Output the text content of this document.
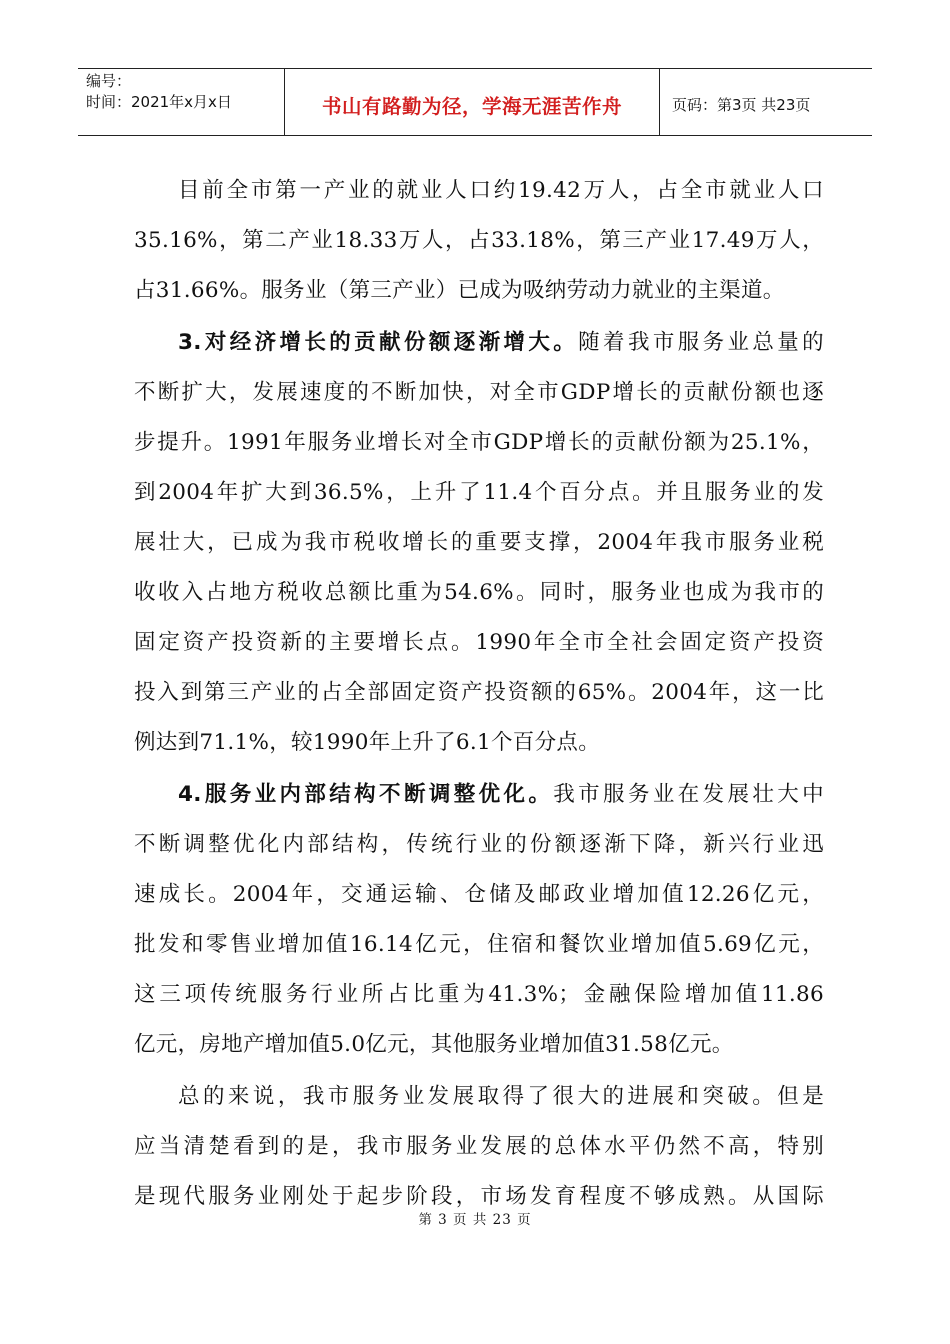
编号：
时间：2021年x月x日	书山有路勤为径，学海无涯苦作舟	页码：第3页 共23页
目前全市第一产业的就业人口约19.42万人，占全市就业人口
35.16%，第二产业18.33万人，占33.18%，第三产业17.49万人，
占31.66%。服务业（第三产业）已成为吸纳劳动力就业的主渠道。
3.对经济增长的贡献份额逐渐增大。随着我市服务业总量的
不断扩大，发展速度的不断加快，对全市GDP增长的贡献份额也逐
步提升。1991年服务业增长对全市GDP增长的贡献份额为25.1%，
到2004年扩大到36.5%，上升了11.4个百分点。并且服务业的发
展壮大，已成为我市税收增长的重要支撑，2004年我市服务业税
收收入占地方税收总额比重为54.6%。同时，服务业也成为我市的
固定资产投资新的主要增长点。1990年全市全社会固定资产投资
投入到第三产业的占全部固定资产投资额的65%。2004年，这一比
例达到71.1%，较1990年上升了6.1个百分点。
4.服务业内部结构不断调整优化。我市服务业在发展壮大中
不断调整优化内部结构，传统行业的份额逐渐下降，新兴行业迅
速成长。2004年，交通运输、仓储及邮政业增加值12.26亿元，
批发和零售业增加值16.14亿元，住宿和餐饮业增加值5.69亿元，
这三项传统服务行业所占比重为41.3%；金融保险增加值11.86
亿元，房地产增加值5.0亿元，其他服务业增加值31.58亿元。
总的来说，我市服务业发展取得了很大的进展和突破。但是
应当清楚看到的是，我市服务业发展的总体水平仍然不高，特别
是现代服务业刚处于起步阶段，市场发育程度不够成熟。从国际
第 3 页 共 23 页
